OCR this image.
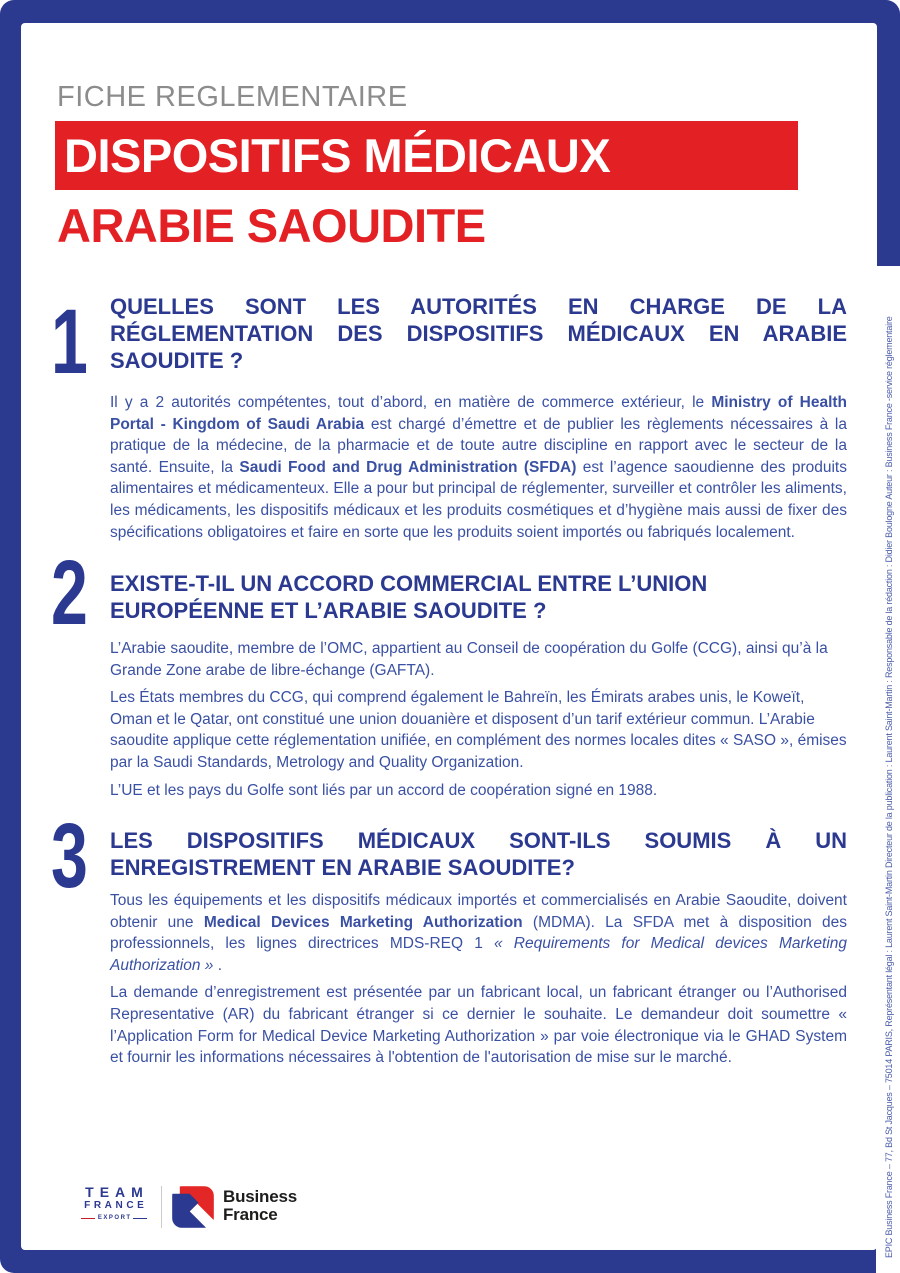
FICHE REGLEMENTAIRE
DISPOSITIFS MÉDICAUX
ARABIE SAOUDITE
1 QUELLES SONT LES AUTORITÉS EN CHARGE DE LA RÉGLEMENTATION DES DISPOSITIFS MÉDICAUX EN ARABIE SAOUDITE ?

Il y a 2 autorités compétentes, tout d’abord, en matière de commerce extérieur, le Ministry of Health Portal - Kingdom of Saudi Arabia est chargé d’émettre et de publier les règlements nécessaires à la pratique de la médecine, de la pharmacie et de toute autre discipline en rapport avec le secteur de la santé. Ensuite, la Saudi Food and Drug Administration (SFDA) est l’agence saoudienne des produits alimentaires et médicamenteux. Elle a pour but principal de réglementer, surveiller et contrôler les aliments, les médicaments, les dispositifs médicaux et les produits cosmétiques et d’hygiène mais aussi de fixer des spécifications obligatoires et faire en sorte que les produits soient importés ou fabriqués localement.

2 EXISTE-T-IL UN ACCORD COMMERCIAL ENTRE L’UNION EUROPÉENNE ET L’ARABIE SAOUDITE ?

L’Arabie saoudite, membre de l’OMC, appartient au Conseil de coopération du Golfe (CCG), ainsi qu’à la Grande Zone arabe de libre-échange (GAFTA).

Les États membres du CCG, qui comprend également le Bahreïn, les Émirats arabes unis, le Koweït, Oman et le Qatar, ont constitué une union douanière et disposent d’un tarif extérieur commun. L’Arabie saoudite applique cette réglementation unifiée, en complément des normes locales dites « SASO », émises par la Saudi Standards, Metrology and Quality Organization.

L’UE et les pays du Golfe sont liés par un accord de coopération signé en 1988.

3 LES DISPOSITIFS MÉDICAUX SONT-ILS SOUMIS À UN ENREGISTREMENT EN ARABIE SAOUDITE?

Tous les équipements et les dispositifs médicaux importés et commercialisés en Arabie Saoudite, doivent obtenir une Medical Devices Marketing Authorization (MDMA). La SFDA met à disposition des professionnels, les lignes directrices MDS-REQ 1 « Requirements for Medical devices Marketing Authorization » .

La demande d’enregistrement est présentée par un fabricant local, un fabricant étranger ou l’Authorised Representative (AR) du fabricant étranger si ce dernier le souhaite. Le demandeur doit soumettre « l’Application Form for Medical Device Marketing Authorization » par voie électronique via le GHAD System et fournir les informations nécessaires à l'obtention de l'autorisation de mise sur le marché.

TEAM
FRANCE
EXPORT
Business
France	EPIC Business France – 77, Bd St Jacques – 75014 PARIS, Représentant légal : Laurent Saint-Martin Directeur de la publication : Laurent Saint-Martin : Responsable de la rédaction : Didier Boulogne Auteur : Business France -service réglementaire
